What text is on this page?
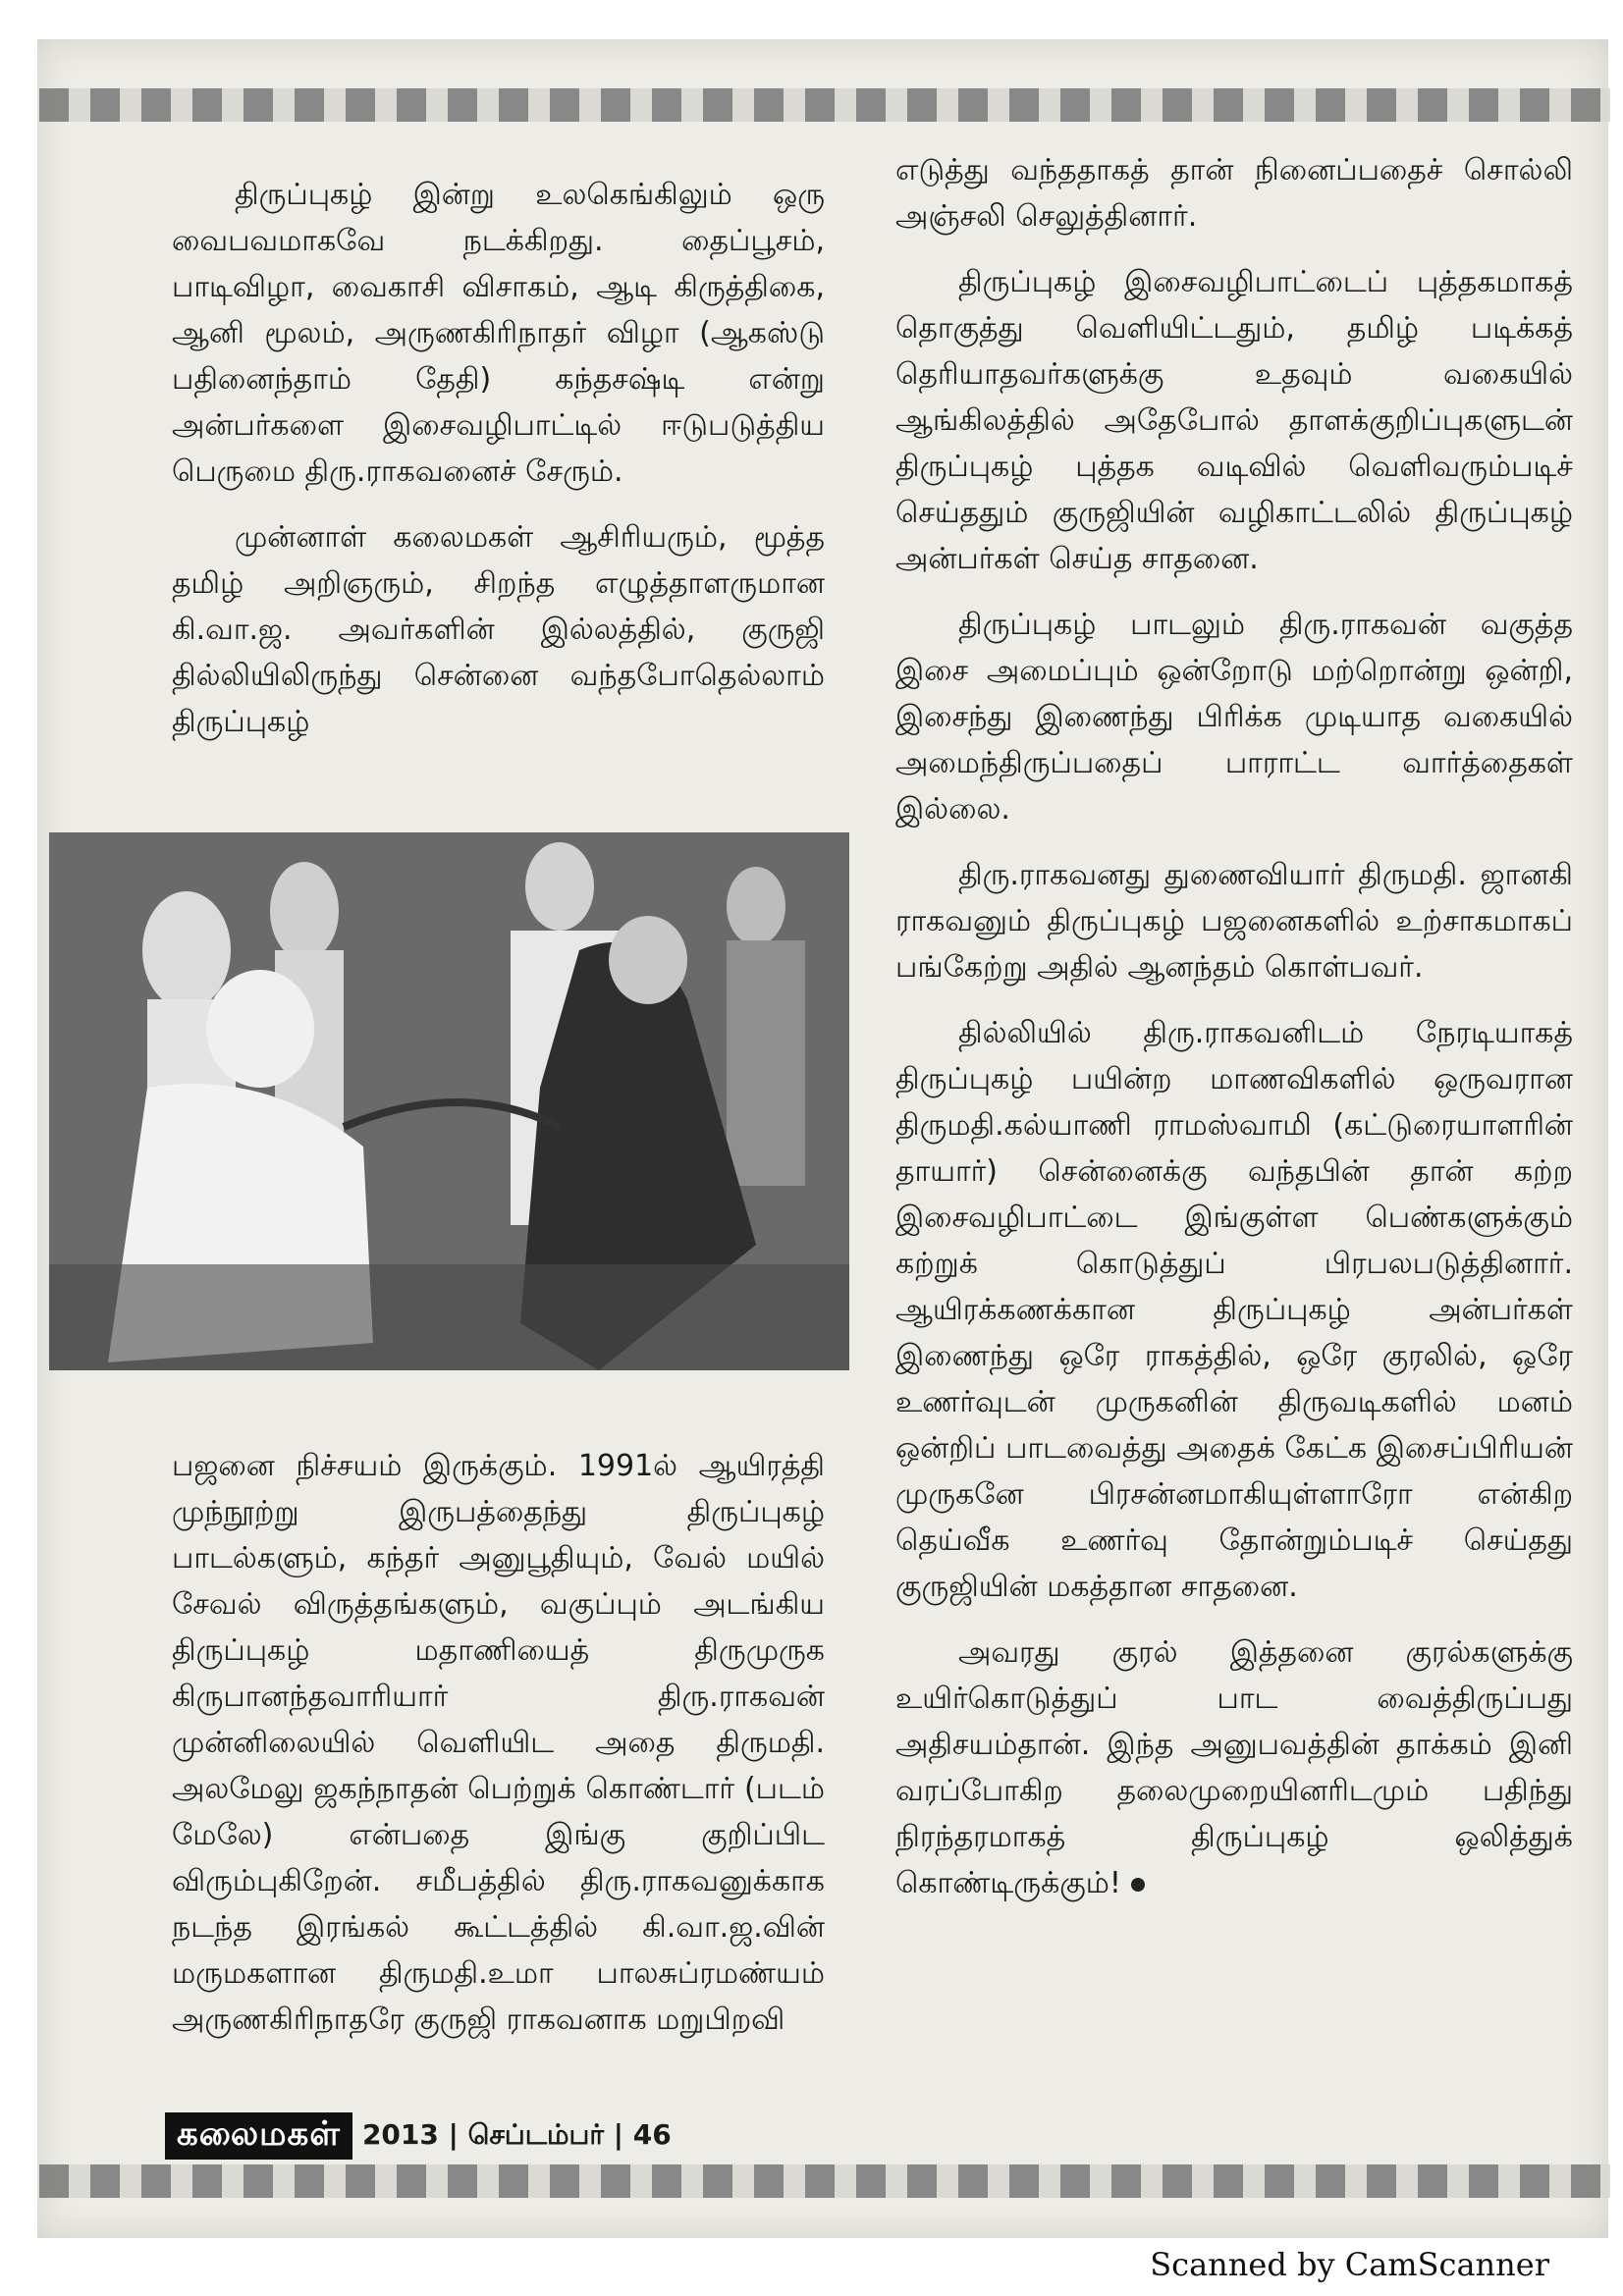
திருப்புகழ் இன்று உலகெங்கிலும் ஒரு வைபவமாகவே நடக்கிறது. தைப்பூசம், பாடிவிழா, வைகாசி விசாகம், ஆடி கிருத்திகை, ஆனி மூலம், அருணகிரிநாதர் விழா (ஆகஸ்டு பதினைந்தாம் தேதி) கந்தசஷ்டி என்று அன்பர்களை இசைவழிபாட்டில் ஈடுபடுத்திய பெருமை திரு.ராகவனைச் சேரும்.

முன்னாள் கலைமகள் ஆசிரியரும், மூத்த தமிழ் அறிஞரும், சிறந்த எழுத்தாளருமான கி.வா.ஜ. அவர்களின் இல்லத்தில், குருஜி தில்லியிலிருந்து சென்னை வந்தபோதெல்லாம் திருப்புகழ்

பஜனை நிச்சயம் இருக்கும். 1991ல் ஆயிரத்தி முந்நூற்று இருபத்தைந்து திருப்புகழ் பாடல்களும், கந்தர் அனுபூதியும், வேல் மயில் சேவல் விருத்தங்களும், வகுப்பும் அடங்கிய திருப்புகழ் மதாணியைத் திருமுருக கிருபானந்தவாரியார் திரு.ராகவன் முன்னிலையில் வெளியிட அதை திருமதி. அலமேலு ஜகந்நாதன் பெற்றுக் கொண்டார் (படம் மேலே) என்பதை இங்கு குறிப்பிட விரும்புகிறேன். சமீபத்தில் திரு.ராகவனுக்காக நடந்த இரங்கல் கூட்டத்தில் கி.வா.ஜ.வின் மருமகளான திருமதி.உமா பாலசுப்ரமண்யம் அருணகிரிநாதரே குருஜி ராகவனாக மறுபிறவி

எடுத்து வந்ததாகத் தான் நினைப்பதைச் சொல்லி அஞ்சலி செலுத்தினார்.

திருப்புகழ் இசைவழிபாட்டைப் புத்தகமாகத் தொகுத்து வெளியிட்டதும், தமிழ் படிக்கத் தெரியாதவர்களுக்கு உதவும் வகையில் ஆங்கிலத்தில் அதேபோல் தாளக்குறிப்புகளுடன் திருப்புகழ் புத்தக வடிவில் வெளிவரும்படிச் செய்ததும் குருஜியின் வழிகாட்டலில் திருப்புகழ் அன்பர்கள் செய்த சாதனை.

திருப்புகழ் பாடலும் திரு.ராகவன் வகுத்த இசை அமைப்பும் ஒன்றோடு மற்றொன்று ஒன்றி, இசைந்து இணைந்து பிரிக்க முடியாத வகையில் அமைந்திருப்பதைப் பாராட்ட வார்த்தைகள் இல்லை.

திரு.ராகவனது துணைவியார் திருமதி. ஜானகி ராகவனும் திருப்புகழ் பஜனைகளில் உற்சாகமாகப் பங்கேற்று அதில் ஆனந்தம் கொள்பவர்.

தில்லியில் திரு.ராகவனிடம் நேரடியாகத் திருப்புகழ் பயின்ற மாணவிகளில் ஒருவரான திருமதி.கல்யாணி ராமஸ்வாமி (கட்டுரையாளரின் தாயார்) சென்னைக்கு வந்தபின் தான் கற்ற இசைவழிபாட்டை இங்குள்ள பெண்களுக்கும் கற்றுக் கொடுத்துப் பிரபலபடுத்தினார். ஆயிரக்கணக்கான திருப்புகழ் அன்பர்கள் இணைந்து ஒரே ராகத்தில், ஒரே குரலில், ஒரே உணர்வுடன் முருகனின் திருவடிகளில் மனம் ஒன்றிப் பாடவைத்து அதைக் கேட்க இசைப்பிரியன் முருகனே பிரசன்னமாகியுள்ளாரோ என்கிற தெய்வீக உணர்வு தோன்றும்படிச் செய்தது குருஜியின் மகத்தான சாதனை.

அவரது குரல் இத்தனை குரல்களுக்கு உயிர்கொடுத்துப் பாட வைத்திருப்பது அதிசயம்தான். இந்த அனுபவத்தின் தாக்கம் இனி வரப்போகிற தலைமுறையினரிடமும் பதிந்து நிரந்தரமாகத் திருப்புகழ் ஒலித்துக் கொண்டிருக்கும்!

கலைமகள் 2013 | செப்டம்பர் | 46
Scanned by CamScanner
